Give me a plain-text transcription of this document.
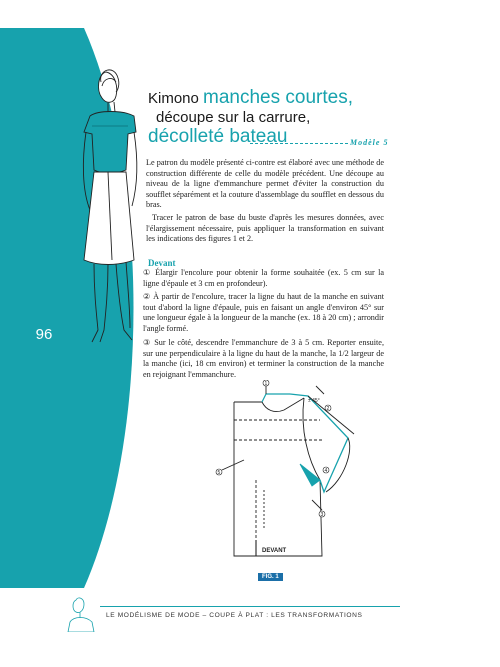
96
Kimono manches courtes,
découpe sur la carrure,
décolleté bateau	Modèle 5
Le patron du modèle présenté ci-contre est élaboré avec une méthode de construction différente de celle du modèle précédent. Une découpe au niveau de la ligne d'emmanchure permet d'éviter la construction du soufflet séparément et la couture d'assemblage du soufflet en dessous du bras.
Tracer le patron de base du buste d'après les mesures données, avec l'élargissement nécessaire, puis appliquer la transformation en suivant les indications des figures 1 et 2.
Devant
① Élargir l'encolure pour obtenir la forme souhaitée (ex. 5 cm sur la ligne d'épaule et 3 cm en profondeur).
② À partir de l'encolure, tracer la ligne du haut de la manche en suivant tout d'abord la ligne d'épaule, puis en faisant un angle d'environ 45° sur une longueur égale à la longueur de la manche (ex. 18 à 20 cm) ; arrondir l'angle formé.
③ Sur le côté, descendre l'emmanchure de 3 à 5 cm. Reporter ensuite, sur une perpendiculaire à la ligne du haut de la manche, la 1/2 largeur de la manche (ici, 18 cm environ) et terminer la construction de la manche en rejoignant l'emmanchure.
1
2
3
4
5
± 45°
DEVANT
FIG. 1
LE MODÉLISME DE MODE – COUPE À PLAT : LES TRANSFORMATIONS
